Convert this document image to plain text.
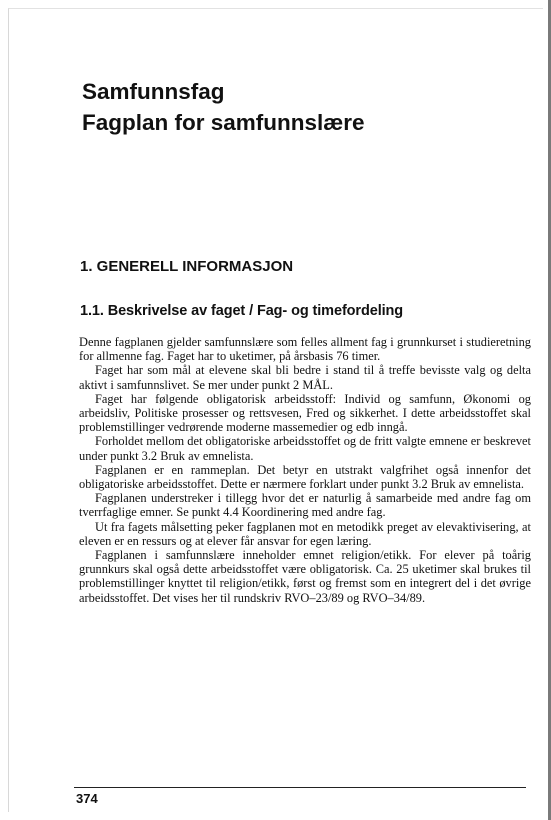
Samfunnsfag
Fagplan for samfunnslære
1. GENERELL INFORMASJON
1.1. Beskrivelse av faget / Fag- og timefordeling

Denne fagplanen gjelder samfunnslære som felles allment fag i grunnkurset i studieretning for allmenne fag. Faget har to uketimer, på årsbasis 76 timer.

Faget har som mål at elevene skal bli bedre i stand til å treffe bevisste valg og delta aktivt i samfunnslivet. Se mer under punkt 2 MÅL.

Faget har følgende obligatorisk arbeidsstoff: Individ og samfunn, Økonomi og arbeidsliv, Politiske prosesser og rettsvesen, Fred og sikkerhet. I dette arbeidsstoffet skal problemstillinger vedrørende moderne massemedier og edb inngå.

Forholdet mellom det obligatoriske arbeidsstoffet og de fritt valgte emnene er beskrevet under punkt 3.2 Bruk av emnelista.

Fagplanen er en rammeplan. Det betyr en utstrakt valgfrihet også innenfor det obligatoriske arbeidsstoffet. Dette er nærmere forklart under punkt 3.2 Bruk av emnelista.

Fagplanen understreker i tillegg hvor det er naturlig å samarbeide med andre fag om tverrfaglige emner. Se punkt 4.4 Koordinering med andre fag.

Ut fra fagets målsetting peker fagplanen mot en metodikk preget av elevaktivisering, at eleven er en ressurs og at elever får ansvar for egen læring.

Fagplanen i samfunnslære inneholder emnet religion/etikk. For elever på toårig grunnkurs skal også dette arbeidsstoffet være obligatorisk. Ca. 25 uketimer skal brukes til problemstillinger knyttet til religion/etikk, først og fremst som en integrert del i det øvrige arbeidsstoffet. Det vises her til rundskriv RVO–23/89 og RVO–34/89.

374
